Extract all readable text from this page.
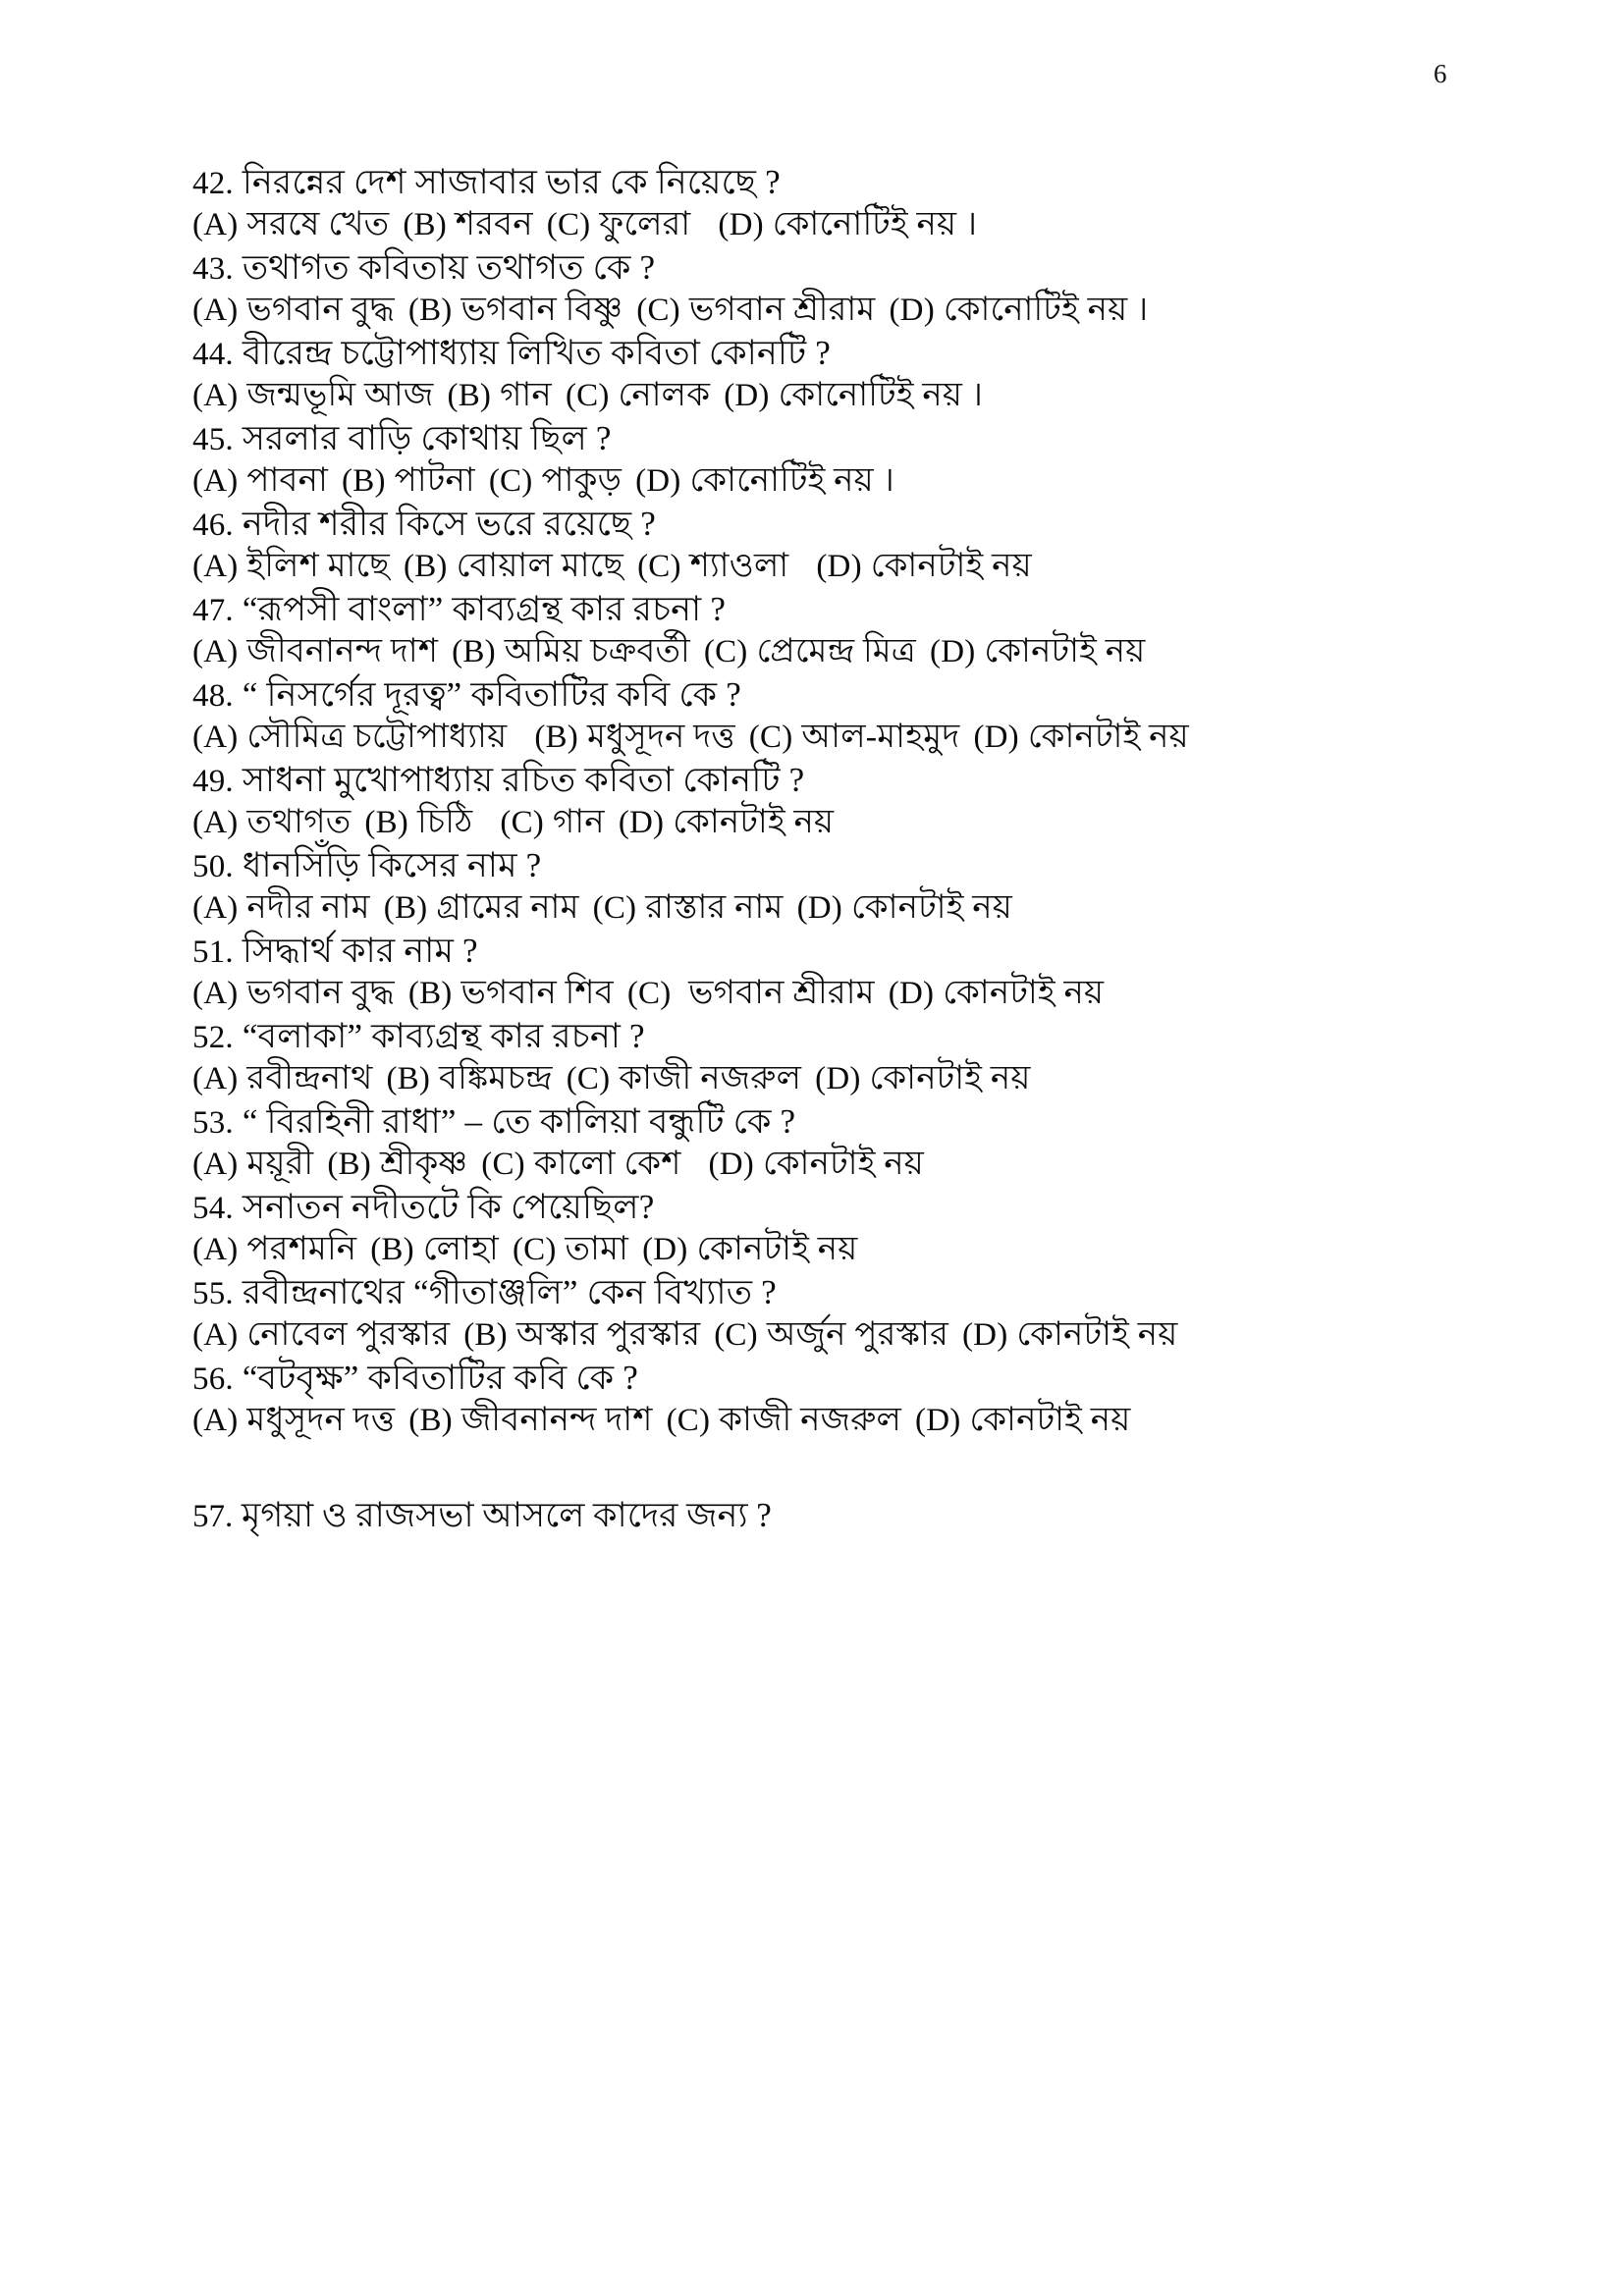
6
42. নিরন্নের দেশ সাজাবার ভার কে নিয়েছে ?
(A) সরষে খেত (B) শরবন (C) ফুলেরা (D) কোনোটিই নয় ।
43. তথাগত কবিতায় তথাগত কে ?
(A) ভগবান বুদ্ধ (B) ভগবান বিষ্ণু (C) ভগবান শ্রীরাম (D) কোনোটিই নয় ।
44. বীরেন্দ্র চট্টোপাধ্যায় লিখিত কবিতা কোনটি ?
(A) জন্মভূমি আজ (B) গান (C) নোলক (D) কোনোটিই নয় ।
45. সরলার বাড়ি কোথায় ছিল ?
(A) পাবনা (B) পাটনা (C) পাকুড় (D) কোনোটিই নয় ।
46. নদীর শরীর কিসে ভরে রয়েছে ?
(A) ইলিশ মাছে (B) বোয়াল মাছে (C) শ্যাওলা (D) কোনটাই নয়
47. “রূপসী বাংলা” কাব্যগ্রন্থ কার রচনা ?
(A) জীবনানন্দ দাশ (B) অমিয় চক্রবর্তী (C) প্রেমেন্দ্র মিত্র (D) কোনটাই নয়
48. “ নিসর্গের দূরত্ব” কবিতাটির কবি কে ?
(A) সৌমিত্র চট্টোপাধ্যায় (B) মধুসূদন দত্ত (C) আল-মাহমুদ (D) কোনটাই নয়
49. সাধনা মুখোপাধ্যায় রচিত কবিতা কোনটি ?
(A) তথাগত (B) চিঠি (C) গান (D) কোনটাই নয়
50. ধানসিঁড়ি কিসের নাম ?
(A) নদীর নাম (B) গ্রামের নাম (C) রাস্তার নাম (D) কোনটাই নয়
51. সিদ্ধার্থ কার নাম ?
(A) ভগবান বুদ্ধ (B) ভগবান শিব (C) ভগবান শ্রীরাম (D) কোনটাই নয়
52. “বলাকা” কাব্যগ্রন্থ কার রচনা ?
(A) রবীন্দ্রনাথ (B) বঙ্কিমচন্দ্র (C) কাজী নজরুল (D) কোনটাই নয়
53. “ বিরহিনী রাধা” – তে কালিয়া বন্ধুটি কে ?
(A) ময়ূরী (B) শ্রীকৃষ্ণ (C) কালো কেশ (D) কোনটাই নয়
54. সনাতন নদীতটে কি পেয়েছিল?
(A) পরশমনি (B) লোহা (C) তামা (D) কোনটাই নয়
55. রবীন্দ্রনাথের “গীতাঞ্জলি” কেন বিখ্যাত ?
(A) নোবেল পুরস্কার (B) অস্কার পুরস্কার (C) অর্জুন পুরস্কার (D) কোনটাই নয়
56. “বটবৃক্ষ” কবিতাটির কবি কে ?
(A) মধুসূদন দত্ত (B) জীবনানন্দ দাশ (C) কাজী নজরুল (D) কোনটাই নয়
57. মৃগয়া ও রাজসভা আসলে কাদের জন্য ?
